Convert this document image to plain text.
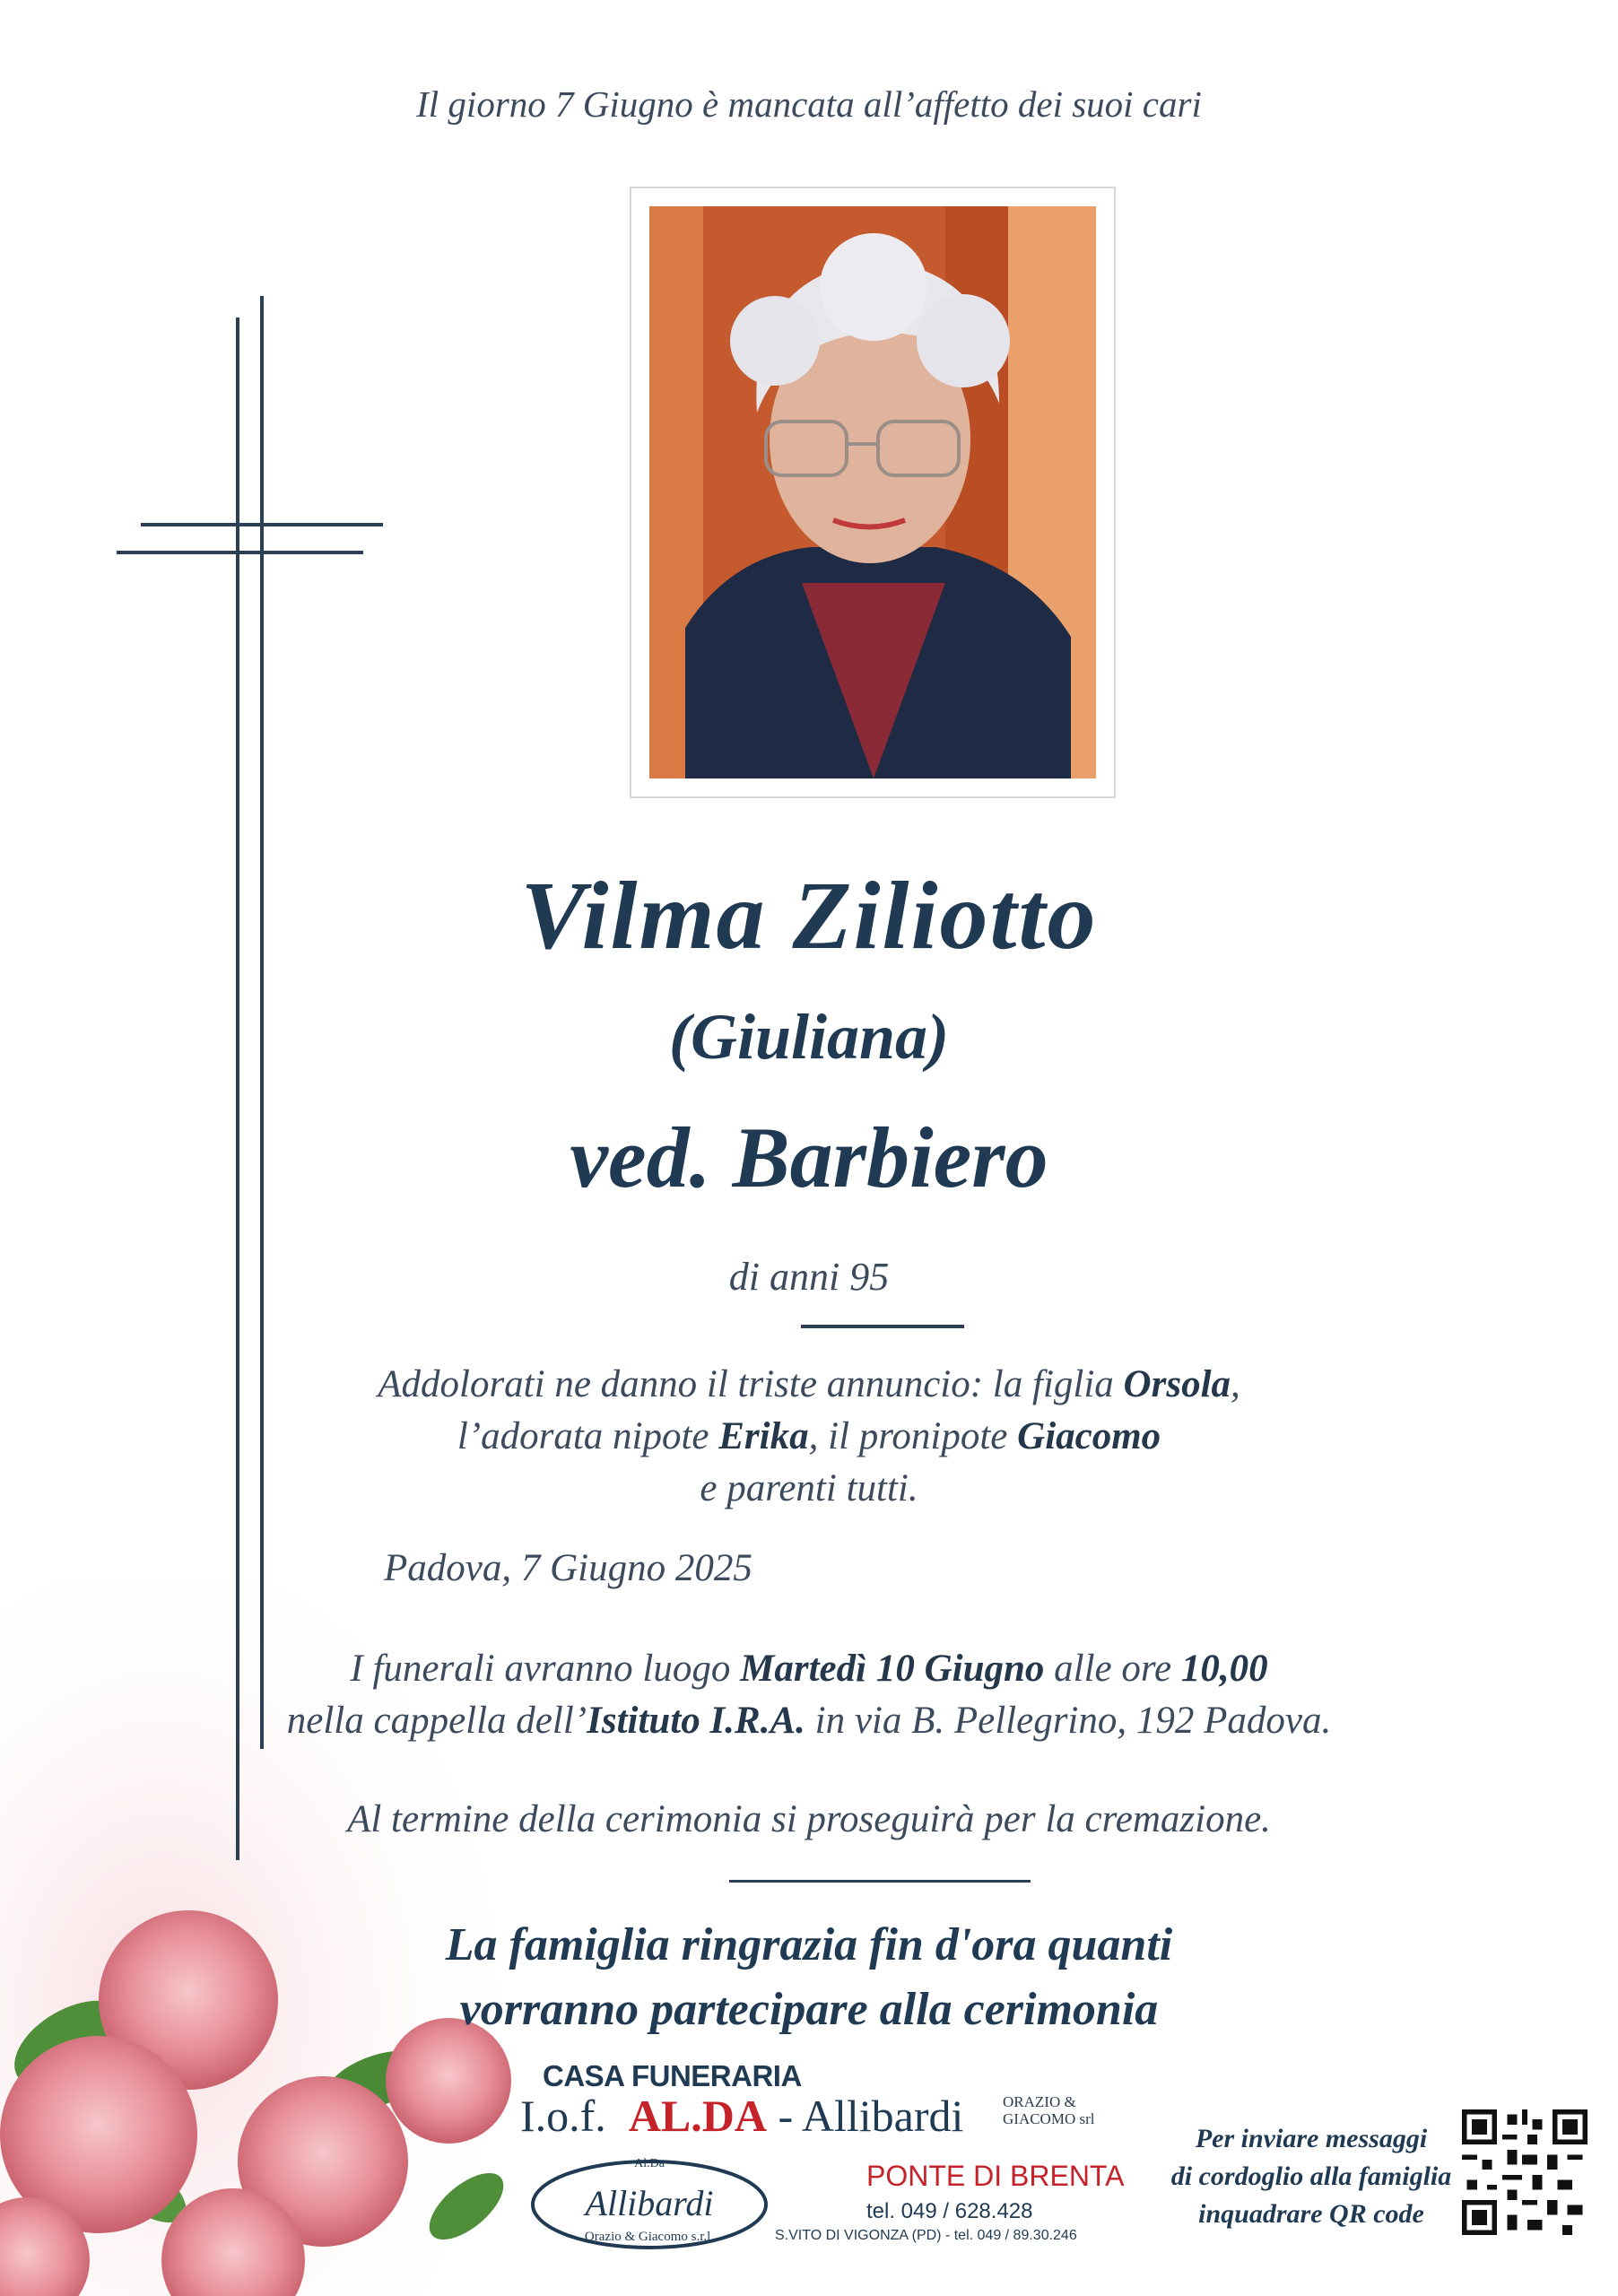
Il giorno 7 Giugno è mancata all’affetto dei suoi cari
Vilma Ziliotto
(Giuliana)
ved. Barbiero
di anni 95
Addolorati ne danno il triste annuncio: la figlia Orsola,
l’adorata nipote Erika, il pronipote Giacomo
e parenti tutti.
Padova, 7 Giugno 2025
I funerali avranno luogo Martedì 10 Giugno alle ore 10,00
nella cappella dell’Istituto I.R.A. in via B. Pellegrino, 192 Padova.
Al termine della cerimonia si proseguirà per la cremazione.
La famiglia ringrazia fin d'ora quanti
vorranno partecipare alla cerimonia
CASA FUNERARIA
I.o.f. AL.DA - Allibardi	ORAZIO &
GIACOMO srl
Al.Da
Allibardi
Orazio & Giacomo s.r.l.
PONTE DI BRENTA
tel. 049 / 628.428
S.VITO DI VIGONZA (PD) - tel. 049 / 89.30.246
Per inviare messaggi
di cordoglio alla famiglia
inquadrare QR code
